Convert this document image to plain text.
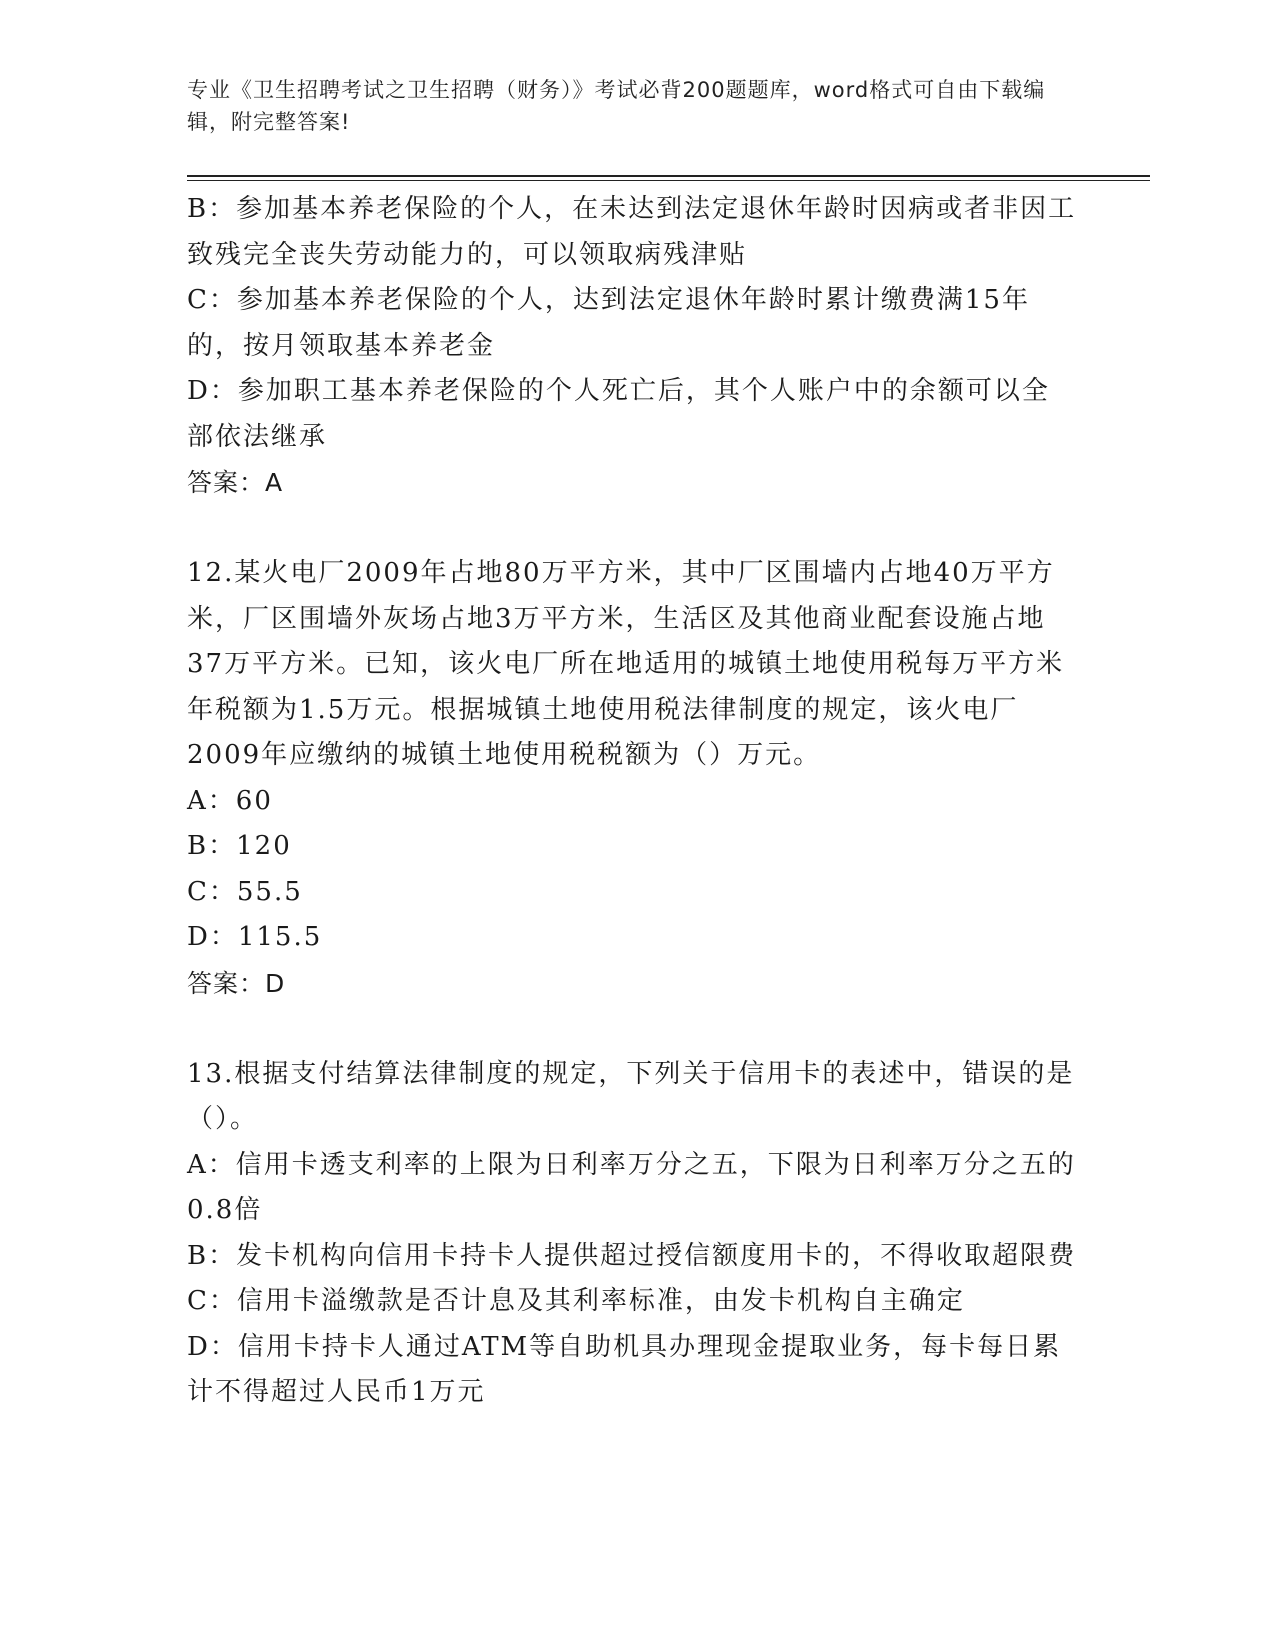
专业《卫生招聘考试之卫生招聘（财务）》考试必背200题题库，word格式可自由下载编辑，附完整答案!

B：参加基本养老保险的个人，在未达到法定退休年龄时因病或者非因工致残完全丧失劳动能力的，可以领取病残津贴

C：参加基本养老保险的个人，达到法定退休年龄时累计缴费满15年的，按月领取基本养老金

D：参加职工基本养老保险的个人死亡后，其个人账户中的余额可以全部依法继承

答案：A

12.某火电厂2009年占地80万平方米，其中厂区围墙内占地40万平方米，厂区围墙外灰场占地3万平方米，生活区及其他商业配套设施占地37万平方米。已知，该火电厂所在地适用的城镇土地使用税每万平方米年税额为1.5万元。根据城镇土地使用税法律制度的规定，该火电厂2009年应缴纳的城镇土地使用税税额为（）万元。

A：60

B：120

C：55.5

D：115.5

答案：D

13.根据支付结算法律制度的规定，下列关于信用卡的表述中，错误的是（）。

A：信用卡透支利率的上限为日利率万分之五，下限为日利率万分之五的0.8倍

B：发卡机构向信用卡持卡人提供超过授信额度用卡的，不得收取超限费

C：信用卡溢缴款是否计息及其利率标准，由发卡机构自主确定

D：信用卡持卡人通过ATM等自助机具办理现金提取业务，每卡每日累计不得超过人民币1万元
